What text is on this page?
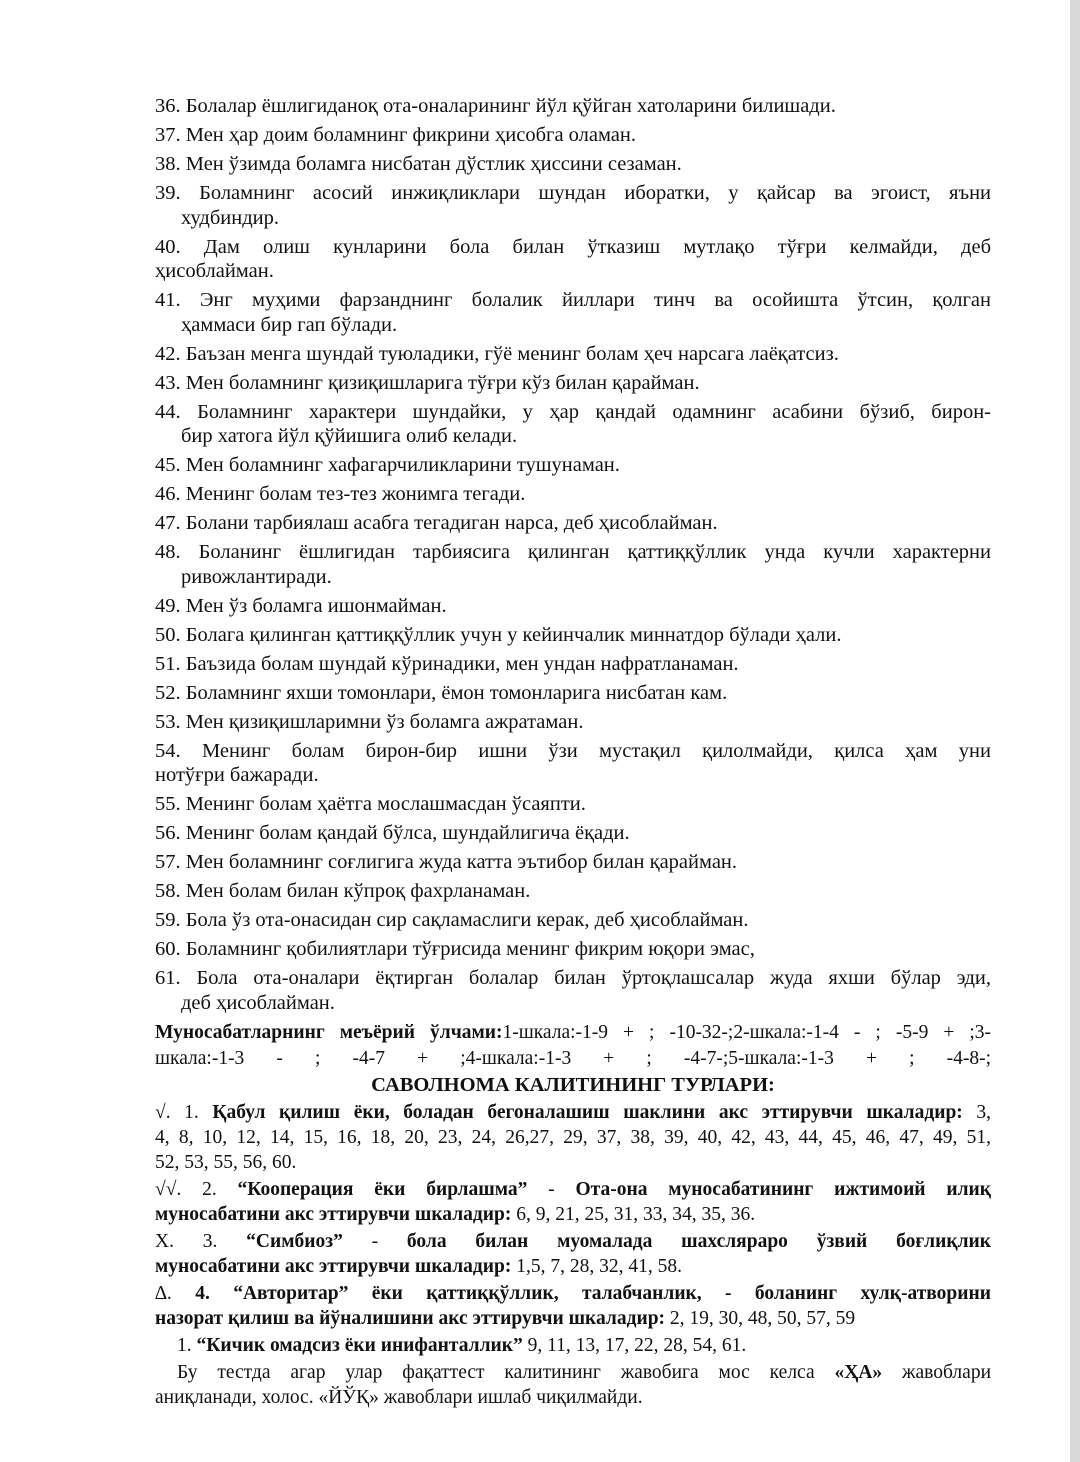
36. Болалар ёшлигиданоқ ота-оналарининг йўл қўйган хатоларини билишади.
37. Мен ҳар доим боламнинг фикрини ҳисобга оламан.
38. Мен ўзимда боламга нисбатан дўстлик ҳиссини сезаман.
39. Боламнинг асосий инжиқликлари шундан иборатки, у қайсар ва эгоист, яъни
худбиндир.
40. Дам олиш кунларини бола билан ўтказиш мутлақо тўғри келмайди, деб
ҳисоблайман.
41. Энг муҳими фарзанднинг болалик йиллари тинч ва осойишта ўтсин, қолган
ҳаммаси бир гап бўлади.
42. Баъзан менга шундай туюладики, гўё менинг болам ҳеч нарсага лаёқатсиз.
43. Мен боламнинг қизиқишларига тўғри кўз билан қарайман.
44. Боламнинг характери шундайки, у ҳар қандай одамнинг асабини бўзиб, бирон-
бир хатога йўл қўйишига олиб келади.
45. Мен боламнинг хафагарчиликларини тушунаман.
46. Менинг болам тез-тез жонимга тегади.
47. Болани тарбиялаш асабга тегадиган нарса, деб ҳисоблайман.
48. Боланинг ёшлигидан тарбиясига қилинган қаттиққўллик унда кучли характерни
ривожлантиради.
49. Мен ўз боламга ишонмайман.
50. Болага қилинган қаттиққўллик учун у кейинчалик миннатдор бўлади ҳали.
51. Баъзида болам шундай кўринадики, мен ундан нафратланаман.
52. Боламнинг яхши томонлари, ёмон томонларига нисбатан кам.
53. Мен қизиқишларимни ўз боламга ажратаман.
54. Менинг болам бирон-бир ишни ўзи мустақил қилолмайди, қилса ҳам уни
нотўғри бажаради.
55. Менинг болам ҳаётга мослашмасдан ўсаяпти.
56. Менинг болам қандай бўлса, шундайлигича ёқади.
57. Мен боламнинг соғлигига жуда катта эътибор билан қарайман.
58. Мен болам билан кўпроқ фахрланаман.
59. Бола ўз ота-онасидан сир сақламаслиги керак, деб ҳисоблайман.
60. Боламнинг қобилиятлари тўғрисида менинг фикрим юқори эмас,
61. Бола ота-оналари ёқтирган болалар билан ўртоқлашсалар жуда яхши бўлар эди,
деб ҳисоблайман.
Муносабатларнинг меъёрий ўлчами:1-шкала:-1-9 + ; -10-32-;2-шкала:-1-4 - ; -5-9 + ;3-
шкала:-1-3 - ; -4-7 + ;4-шкала:-1-3 + ; -4-7-;5-шкала:-1-3 + ; -4-8-;
САВОЛНОМА КАЛИТИНИНГ ТУРЛАРИ:
√. 1. Қабул қилиш ёки, боладан бегоналашиш шаклини акс эттирувчи шкаладир: 3,
4, 8, 10, 12, 14, 15, 16, 18, 20, 23, 24, 26,27, 29, 37, 38, 39, 40, 42, 43, 44, 45, 46, 47, 49, 51,
52, 53, 55, 56, 60.
√√. 2. “Кооперация ёки бирлашма” - Ота-она муносабатининг ижтимоий илиқ
муносабатини акс эттирувчи шкаладир: 6, 9, 21, 25, 31, 33, 34, 35, 36.
X. 3. “Симбиоз” - бола билан муомалада шахсляраро ўзвий боғлиқлик
муносабатини акс эттирувчи шкаладир: 1,5, 7, 28, 32, 41, 58.
∆. 4. “Авторитар” ёки қаттиққўллик, талабчанлик, - боланинг хулқ-атворини
назорат қилиш ва йўналишини акс эттирувчи шкаладир: 2, 19, 30, 48, 50, 57, 59
1. “Кичик омадсиз ёки инифанталлик” 9, 11, 13, 17, 22, 28, 54, 61.
Бу тестда агар улар фақаттест калитининг жавобига мос келса «ҲА» жавоблари
аниқланади, холос. «ЙЎҚ» жавоблари ишлаб чиқилмайди.
